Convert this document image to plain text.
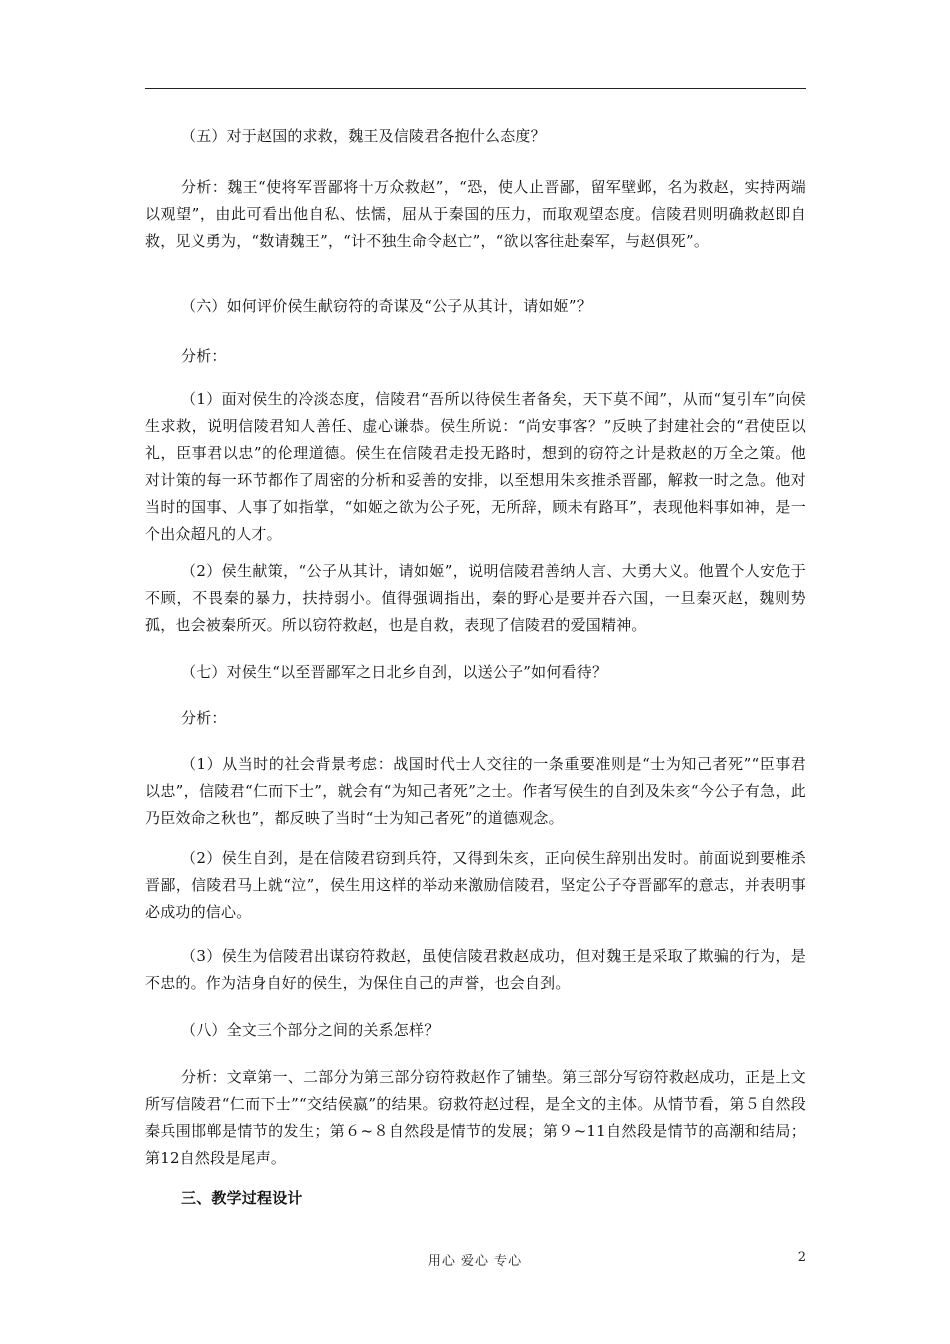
（五）对于赵国的求救，魏王及信陵君各抱什么态度？

分析：魏王“使将军晋鄙将十万众救赵”，“恐，使人止晋鄙，留军壁邺，名为救赵，实持两端以观望”，由此可看出他自私、怯懦，屈从于秦国的压力，而取观望态度。信陵君则明确救赵即自救，见义勇为，“数请魏王”，“计不独生命令赵亡”，“欲以客往赴秦军，与赵俱死”。

（六）如何评价侯生献窃符的奇谋及“公子从其计，请如姬”？

分析：

（1）面对侯生的冷淡态度，信陵君“吾所以待侯生者备矣，天下莫不闻”，从而“复引车”向侯生求救，说明信陵君知人善任、虚心谦恭。侯生所说：“尚安事客？”反映了封建社会的“君使臣以礼，臣事君以忠”的伦理道德。侯生在信陵君走投无路时，想到的窃符之计是救赵的万全之策。他对计策的每一环节都作了周密的分析和妥善的安排，以至想用朱亥推杀晋鄙，解救一时之急。他对当时的国事、人事了如指掌，“如姬之欲为公子死，无所辞，顾未有路耳”，表现他料事如神，是一个出众超凡的人才。

（2）侯生献策，“公子从其计，请如姬”，说明信陵君善纳人言、大勇大义。他置个人安危于不顾，不畏秦的暴力，扶持弱小。值得强调指出，秦的野心是要并吞六国，一旦秦灭赵，魏则势孤，也会被秦所灭。所以窃符救赵，也是自救，表现了信陵君的爱国精神。

（七）对侯生“以至晋鄙军之日北乡自刭，以送公子”如何看待？

分析：

（1）从当时的社会背景考虑：战国时代士人交往的一条重要准则是“士为知己者死”“臣事君以忠”，信陵君“仁而下士”，就会有“为知己者死”之士。作者写侯生的自刭及朱亥“今公子有急，此乃臣效命之秋也”，都反映了当时“士为知己者死”的道德观念。

（2）侯生自刭，是在信陵君窃到兵符，又得到朱亥，正向侯生辞别出发时。前面说到要椎杀晋鄙，信陵君马上就“泣”，侯生用这样的举动来激励信陵君，坚定公子夺晋鄙军的意志，并表明事必成功的信心。

（3）侯生为信陵君出谋窃符救赵，虽使信陵君救赵成功，但对魏王是采取了欺骗的行为，是不忠的。作为洁身自好的侯生，为保住自己的声誉，也会自刭。

（八）全文三个部分之间的关系怎样？

分析：文章第一、二部分为第三部分窃符救赵作了铺垫。第三部分写窃符救赵成功，正是上文所写信陵君“仁而下士”“交结侯嬴”的结果。窃救符赵过程，是全文的主体。从情节看，第５自然段秦兵围邯郸是情节的发生；第６~８自然段是情节的发展；第９~11自然段是情节的高潮和结局；第12自然段是尾声。

三、教学过程设计

用心 爱心 专心	2
